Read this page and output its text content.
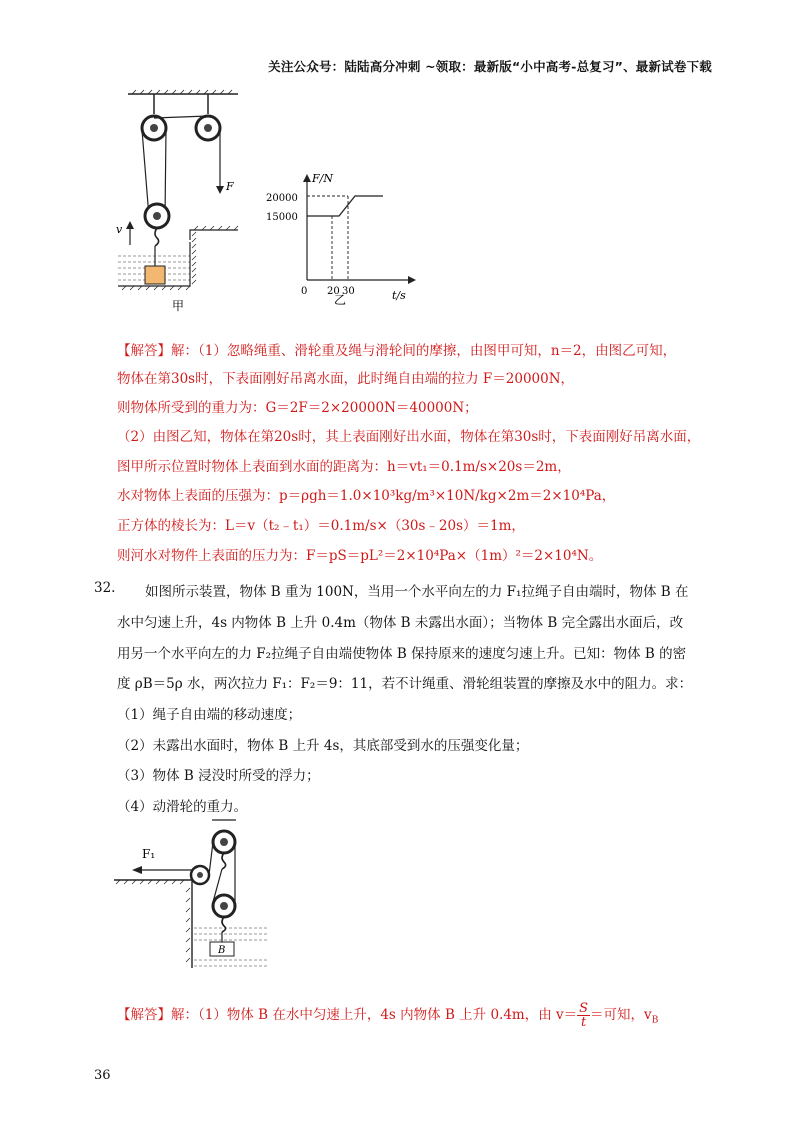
关注公众号：陆陆高分冲刺 ~领取：最新版“小中高考-总复习”、最新试卷下载
F
v
甲
F/N
t/s
0
20000
15000
20 30
乙
【解答】解：（1）忽略绳重、滑轮重及绳与滑轮间的摩擦，由图甲可知，n＝2，由图乙可知，
物体在第30s时，下表面刚好吊离水面，此时绳自由端的拉力 F＝20000N，
则物体所受到的重力为：G＝2F＝2×20000N＝40000N；
（2）由图乙知，物体在第20s时，其上表面刚好出水面，物体在第30s时，下表面刚好吊离水面，
图甲所示位置时物体上表面到水面的距离为：h＝vt₁＝0.1m/s×20s＝2m，
水对物体上表面的压强为：p＝ρgh＝1.0×10³kg/m³×10N/kg×2m＝2×10⁴Pa，
正方体的棱长为：L＝v（t₂﹣t₁）＝0.1m/s×（30s﹣20s）＝1m，
则河水对物件上表面的压力为：F＝pS＝pL²＝2×10⁴Pa×（1m）²＝2×10⁴N。
32. 如图所示装置，物体 B 重为 100N，当用一个水平向左的力 F₁拉绳子自由端时，物体 B 在
水中匀速上升，4s 内物体 B 上升 0.4m（物体 B 未露出水面）；当物体 B 完全露出水面后，改
用另一个水平向左的力 F₂拉绳子自由端使物体 B 保持原来的速度匀速上升。已知：物体 B 的密
度 ρB＝5ρ 水，两次拉力 F₁：F₂＝9：11，若不计绳重、滑轮组装置的摩擦及水中的阻力。求：
（1）绳子自由端的移动速度；
（2）未露出水面时，物体 B 上升 4s，其底部受到水的压强变化量；
（3）物体 B 浸没时所受的浮力；
（4）动滑轮的重力。
F₁
B
【解答】解：（1）物体 B 在水中匀速上升，4s 内物体 B 上升 0.4m，由 $v= \frac{S}{t}$ ＝可知，$v_B$
36
